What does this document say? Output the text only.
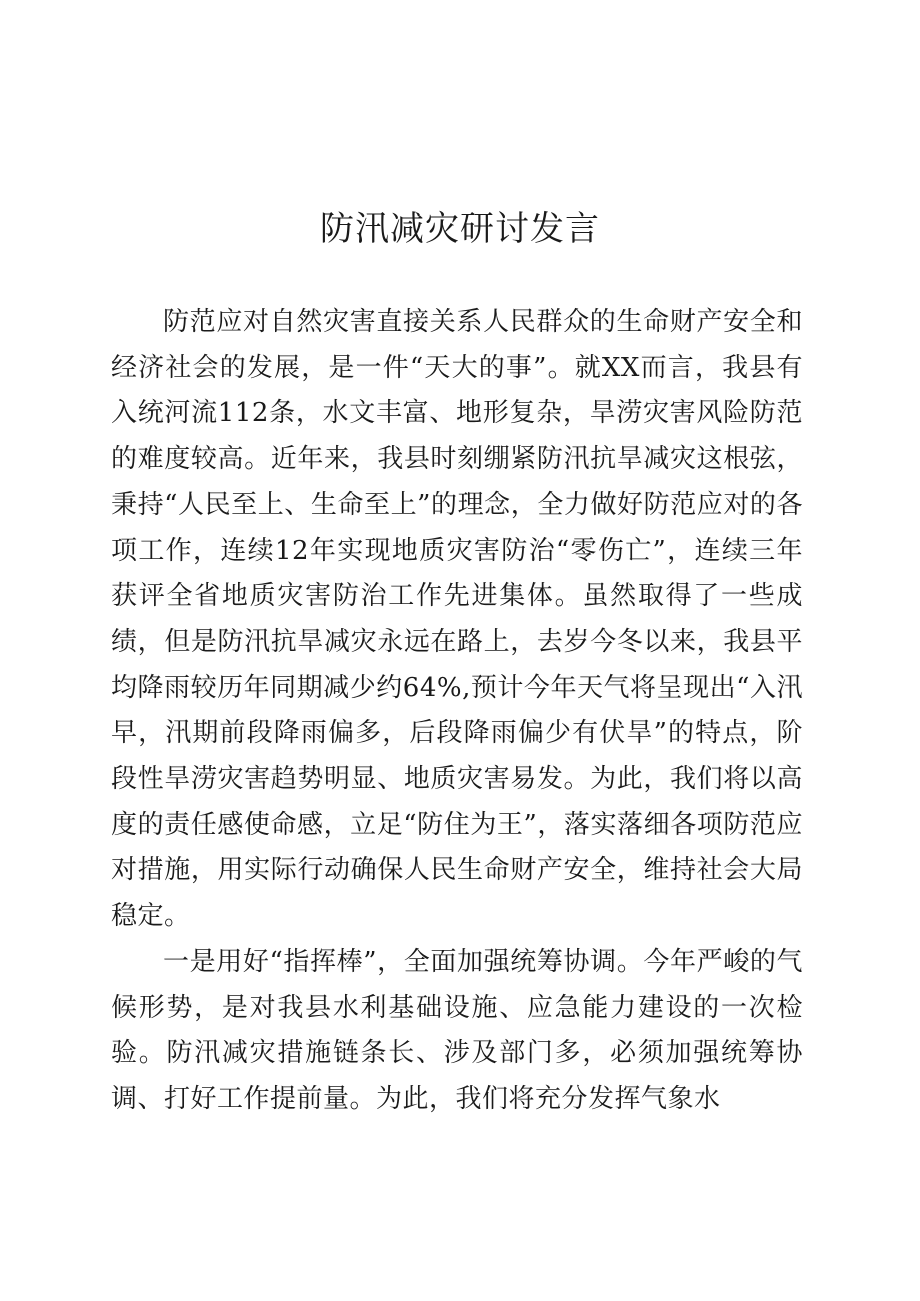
防汛减灾研讨发言

防范应对自然灾害直接关系人民群众的生命财产安全和经济社会的发展，是一件“天大的事”。就XX而言，我县有入统河流112条，水文丰富、地形复杂，旱涝灾害风险防范的难度较高。近年来，我县时刻绷紧防汛抗旱减灾这根弦，秉持“人民至上、生命至上”的理念，全力做好防范应对的各项工作，连续12年实现地质灾害防治“零伤亡”，连续三年获评全省地质灾害防治工作先进集体。虽然取得了一些成绩，但是防汛抗旱减灾永远在路上，去岁今冬以来，我县平均降雨较历年同期减少约64%,预计今年天气将呈现出“入汛早，汛期前段降雨偏多，后段降雨偏少有伏旱”的特点，阶段性旱涝灾害趋势明显、地质灾害易发。为此，我们将以高度的责任感使命感，立足“防住为王”，落实落细各项防范应对措施，用实际行动确保人民生命财产安全，维持社会大局稳定。

一是用好“指挥棒”，全面加强统筹协调。今年严峻的气候形势，是对我县水利基础设施、应急能力建设的一次检验。防汛减灾措施链条长、涉及部门多，必须加强统筹协调、打好工作提前量。为此，我们将充分发挥气象水
